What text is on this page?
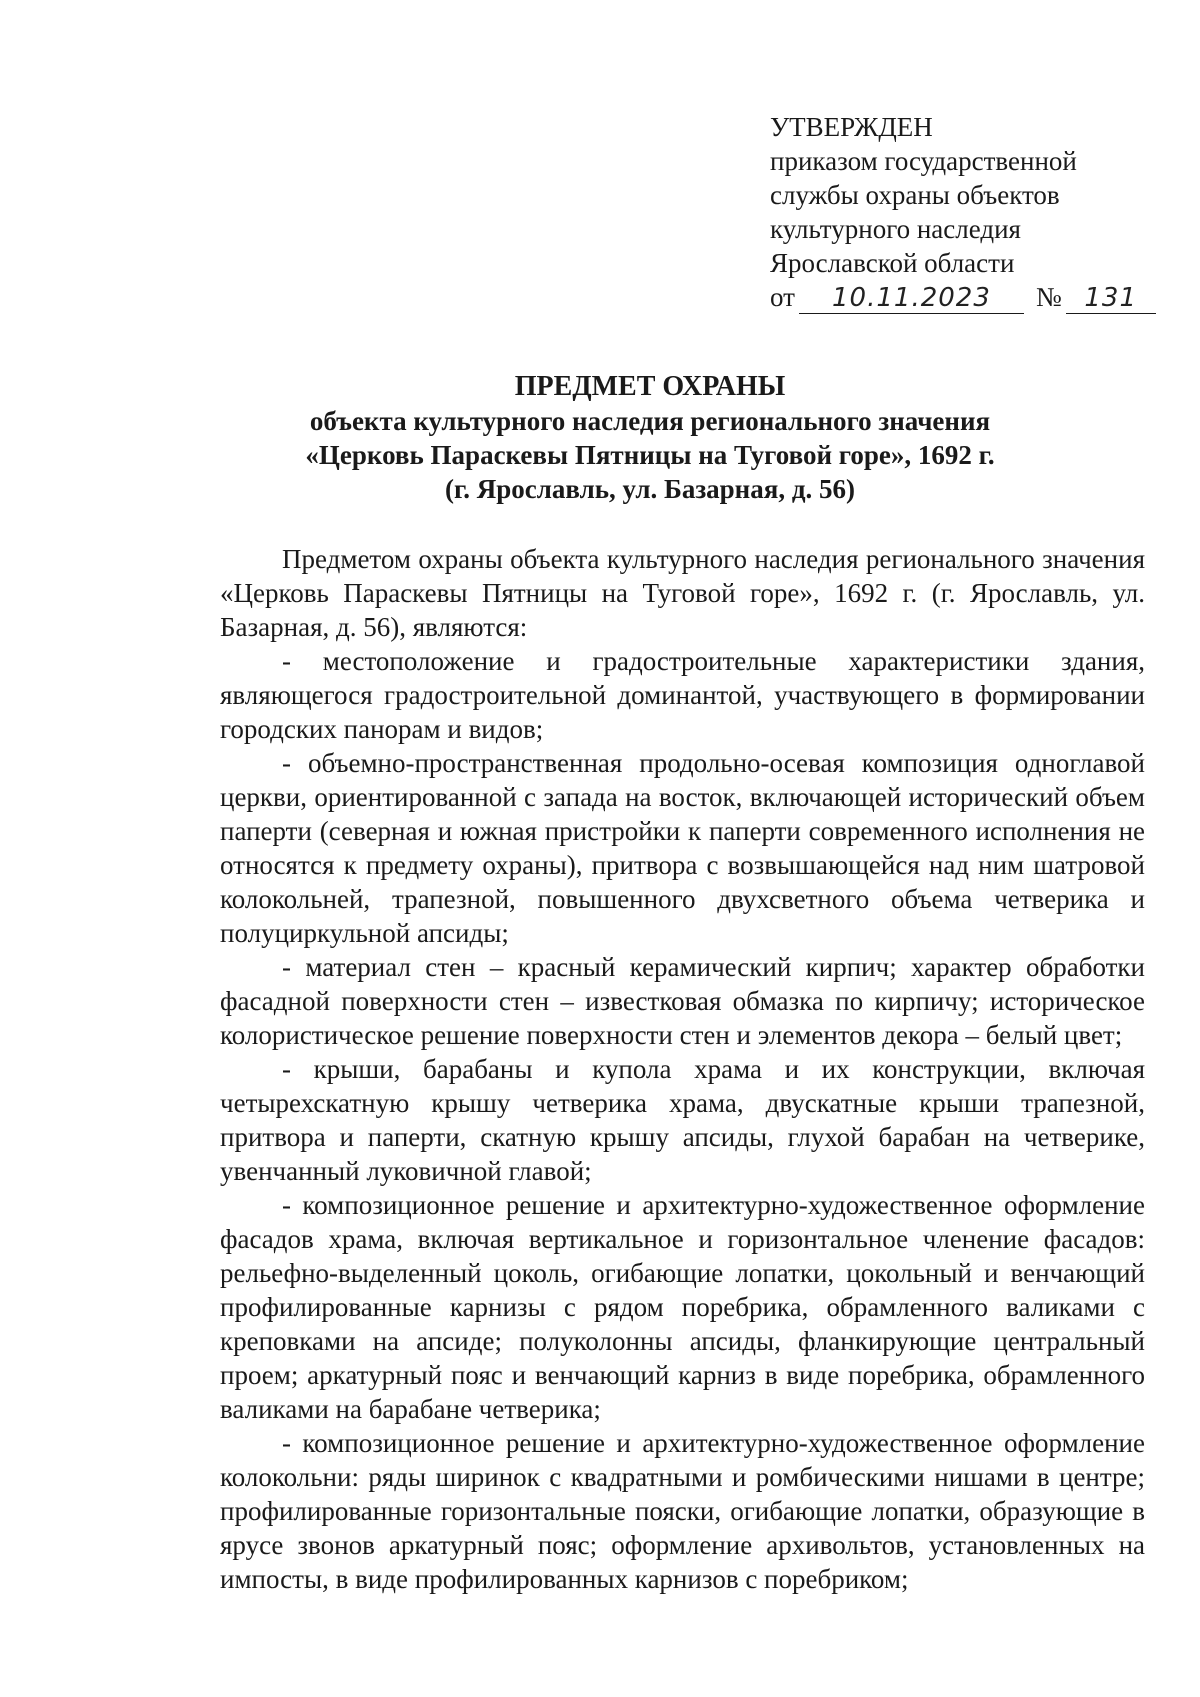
УТВЕРЖДЕН
приказом государственной
службы охраны объектов
культурного наследия
Ярославской области
от 10.11.2023 № 131
ПРЕДМЕТ ОХРАНЫ
объекта культурного наследия регионального значения
«Церковь Параскевы Пятницы на Туговой горе», 1692 г.
(г. Ярославль, ул. Базарная, д. 56)

Предметом охраны объекта культурного наследия регионального значения «Церковь Параскевы Пятницы на Туговой горе», 1692 г. (г. Ярославль, ул. Базарная, д. 56), являются:

- местоположение и градостроительные характеристики здания, являющегося градостроительной доминантой, участвующего в формировании городских панорам и видов;

- объемно-пространственная продольно-осевая композиция одноглавой церкви, ориентированной с запада на восток, включающей исторический объем паперти (северная и южная пристройки к паперти современного исполнения не относятся к предмету охраны), притвора с возвышающейся над ним шатровой колокольней, трапезной, повышенного двухсветного объема четверика и полуциркульной апсиды;

- материал стен – красный керамический кирпич; характер обработки фасадной поверхности стен – известковая обмазка по кирпичу; историческое колористическое решение поверхности стен и элементов декора – белый цвет;

- крыши, барабаны и купола храма и их конструкции, включая четырехскатную крышу четверика храма, двускатные крыши трапезной, притвора и паперти, скатную крышу апсиды, глухой барабан на четверике, увенчанный луковичной главой;

- композиционное решение и архитектурно-художественное оформление фасадов храма, включая вертикальное и горизонтальное членение фасадов: рельефно-выделенный цоколь, огибающие лопатки, цокольный и венчающий профилированные карнизы с рядом поребрика, обрамленного валиками с креповками на апсиде; полуколонны апсиды, фланкирующие центральный проем; аркатурный пояс и венчающий карниз в виде поребрика, обрамленного валиками на барабане четверика;

- композиционное решение и архитектурно-художественное оформление колокольни: ряды ширинок с квадратными и ромбическими нишами в центре; профилированные горизонтальные пояски, огибающие лопатки, образующие в ярусе звонов аркатурный пояс; оформление архивольтов, установленных на импосты, в виде профилированных карнизов с поребриком;
